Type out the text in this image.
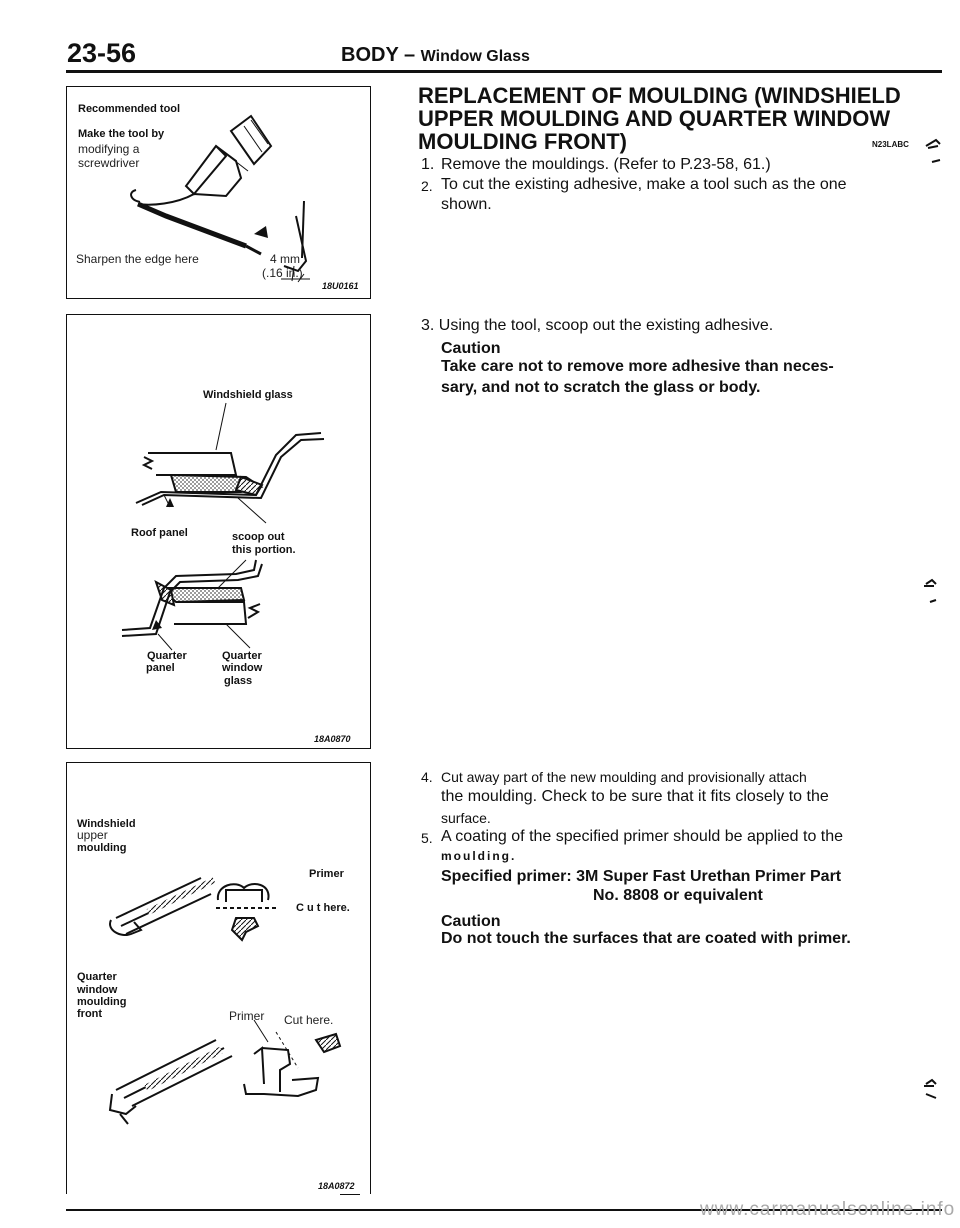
23-56	BODY – Window Glass
Recommended tool
Make the tool by
modifying a
screwdriver
Sharpen the edge here	4 mm
(.16 in.)
18U0161
Windshield glass
Roof panel	scoop out
this portion.
Quarter
panel
Quarter
window
glass
18A0870
Windshield
upper
moulding
Primer
C u t here.
Quarter
window
moulding
front	Primer Cut here.
18A0872
REPLACEMENT OF MOULDING (WINDSHIELD
UPPER MOULDING AND QUARTER WINDOW
MOULDING FRONT)	N23LABC
1. Remove the mouldings. (Refer to P.23-58, 61.)
2. To cut the existing adhesive, make a tool such as the one
shown.
3. Using the tool, scoop out the existing adhesive.
Caution
Take care not to remove more adhesive than neces-
sary, and not to scratch the glass or body.
4. Cut away part of the new moulding and provisionally attach
the moulding. Check to be sure that it fits closely to the
surface.
5. A coating of the specified primer should be applied to the
moulding.
Specified primer: 3M Super Fast Urethan Primer Part
No. 8808 or equivalent
Caution
Do not touch the surfaces that are coated with primer.
www.carmanualsonline.info
